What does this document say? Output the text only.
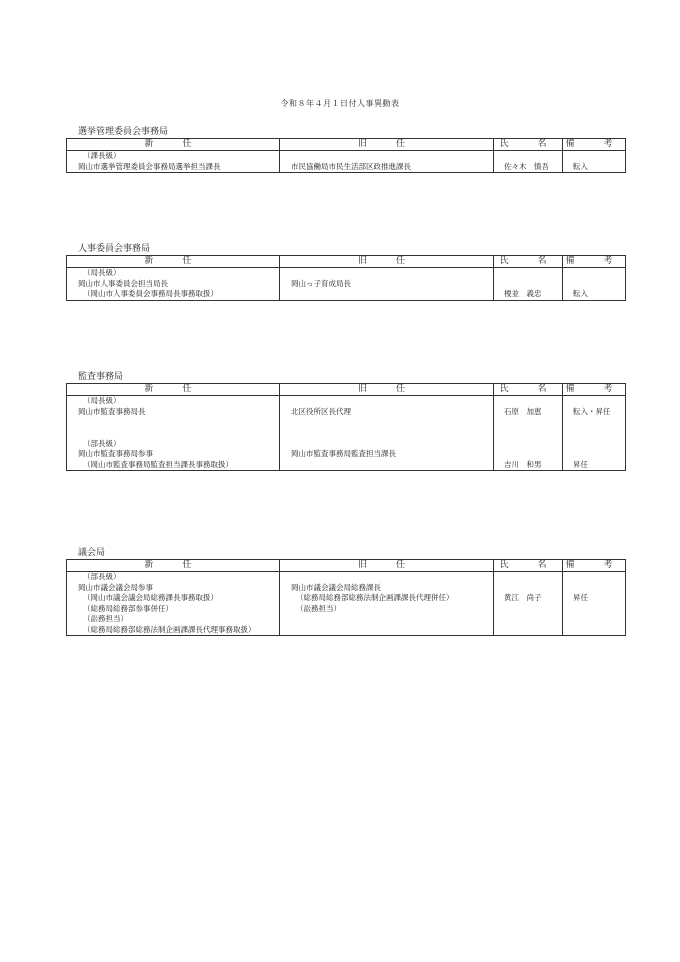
令和８年４月１日付人事異動表
選挙管理委員会事務局
新　任	旧　任	氏　名	備　考
（課長級）			
岡山市選挙管理委員会事務局選挙担当課長	市民協働局市民生活部区政推進課長	佐々木　慎吾	転入
人事委員会事務局
新　任	旧　任	氏　名	備　考
（局長級）			
岡山市人事委員会担当局長	岡山っ子育成局長		
（岡山市人事委員会事務局長事務取扱）		榎並　義忠	転入
監査事務局
新　任	旧　任	氏　名	備　考
（局長級）			
岡山市監査事務局長	北区役所区長代理	石原　加恵	転入・昇任
（部長級）			
岡山市監査事務局参事	岡山市監査事務局監査担当課長		
（岡山市監査事務局監査担当課長事務取扱）		吉川　和男	昇任
議会局
新　任	旧　任	氏　名	備　考
（部長級）			
岡山市議会議会局参事	岡山市議会議会局総務課長		
（岡山市議会議会局総務課長事務取扱）	（総務局総務部総務法制企画課課長代理併任）	黄江　尚子	昇任
（総務局総務部参事併任）	（訟務担当）		
（訟務担当）			
（総務局総務部総務法制企画課課長代理事務取扱）			
